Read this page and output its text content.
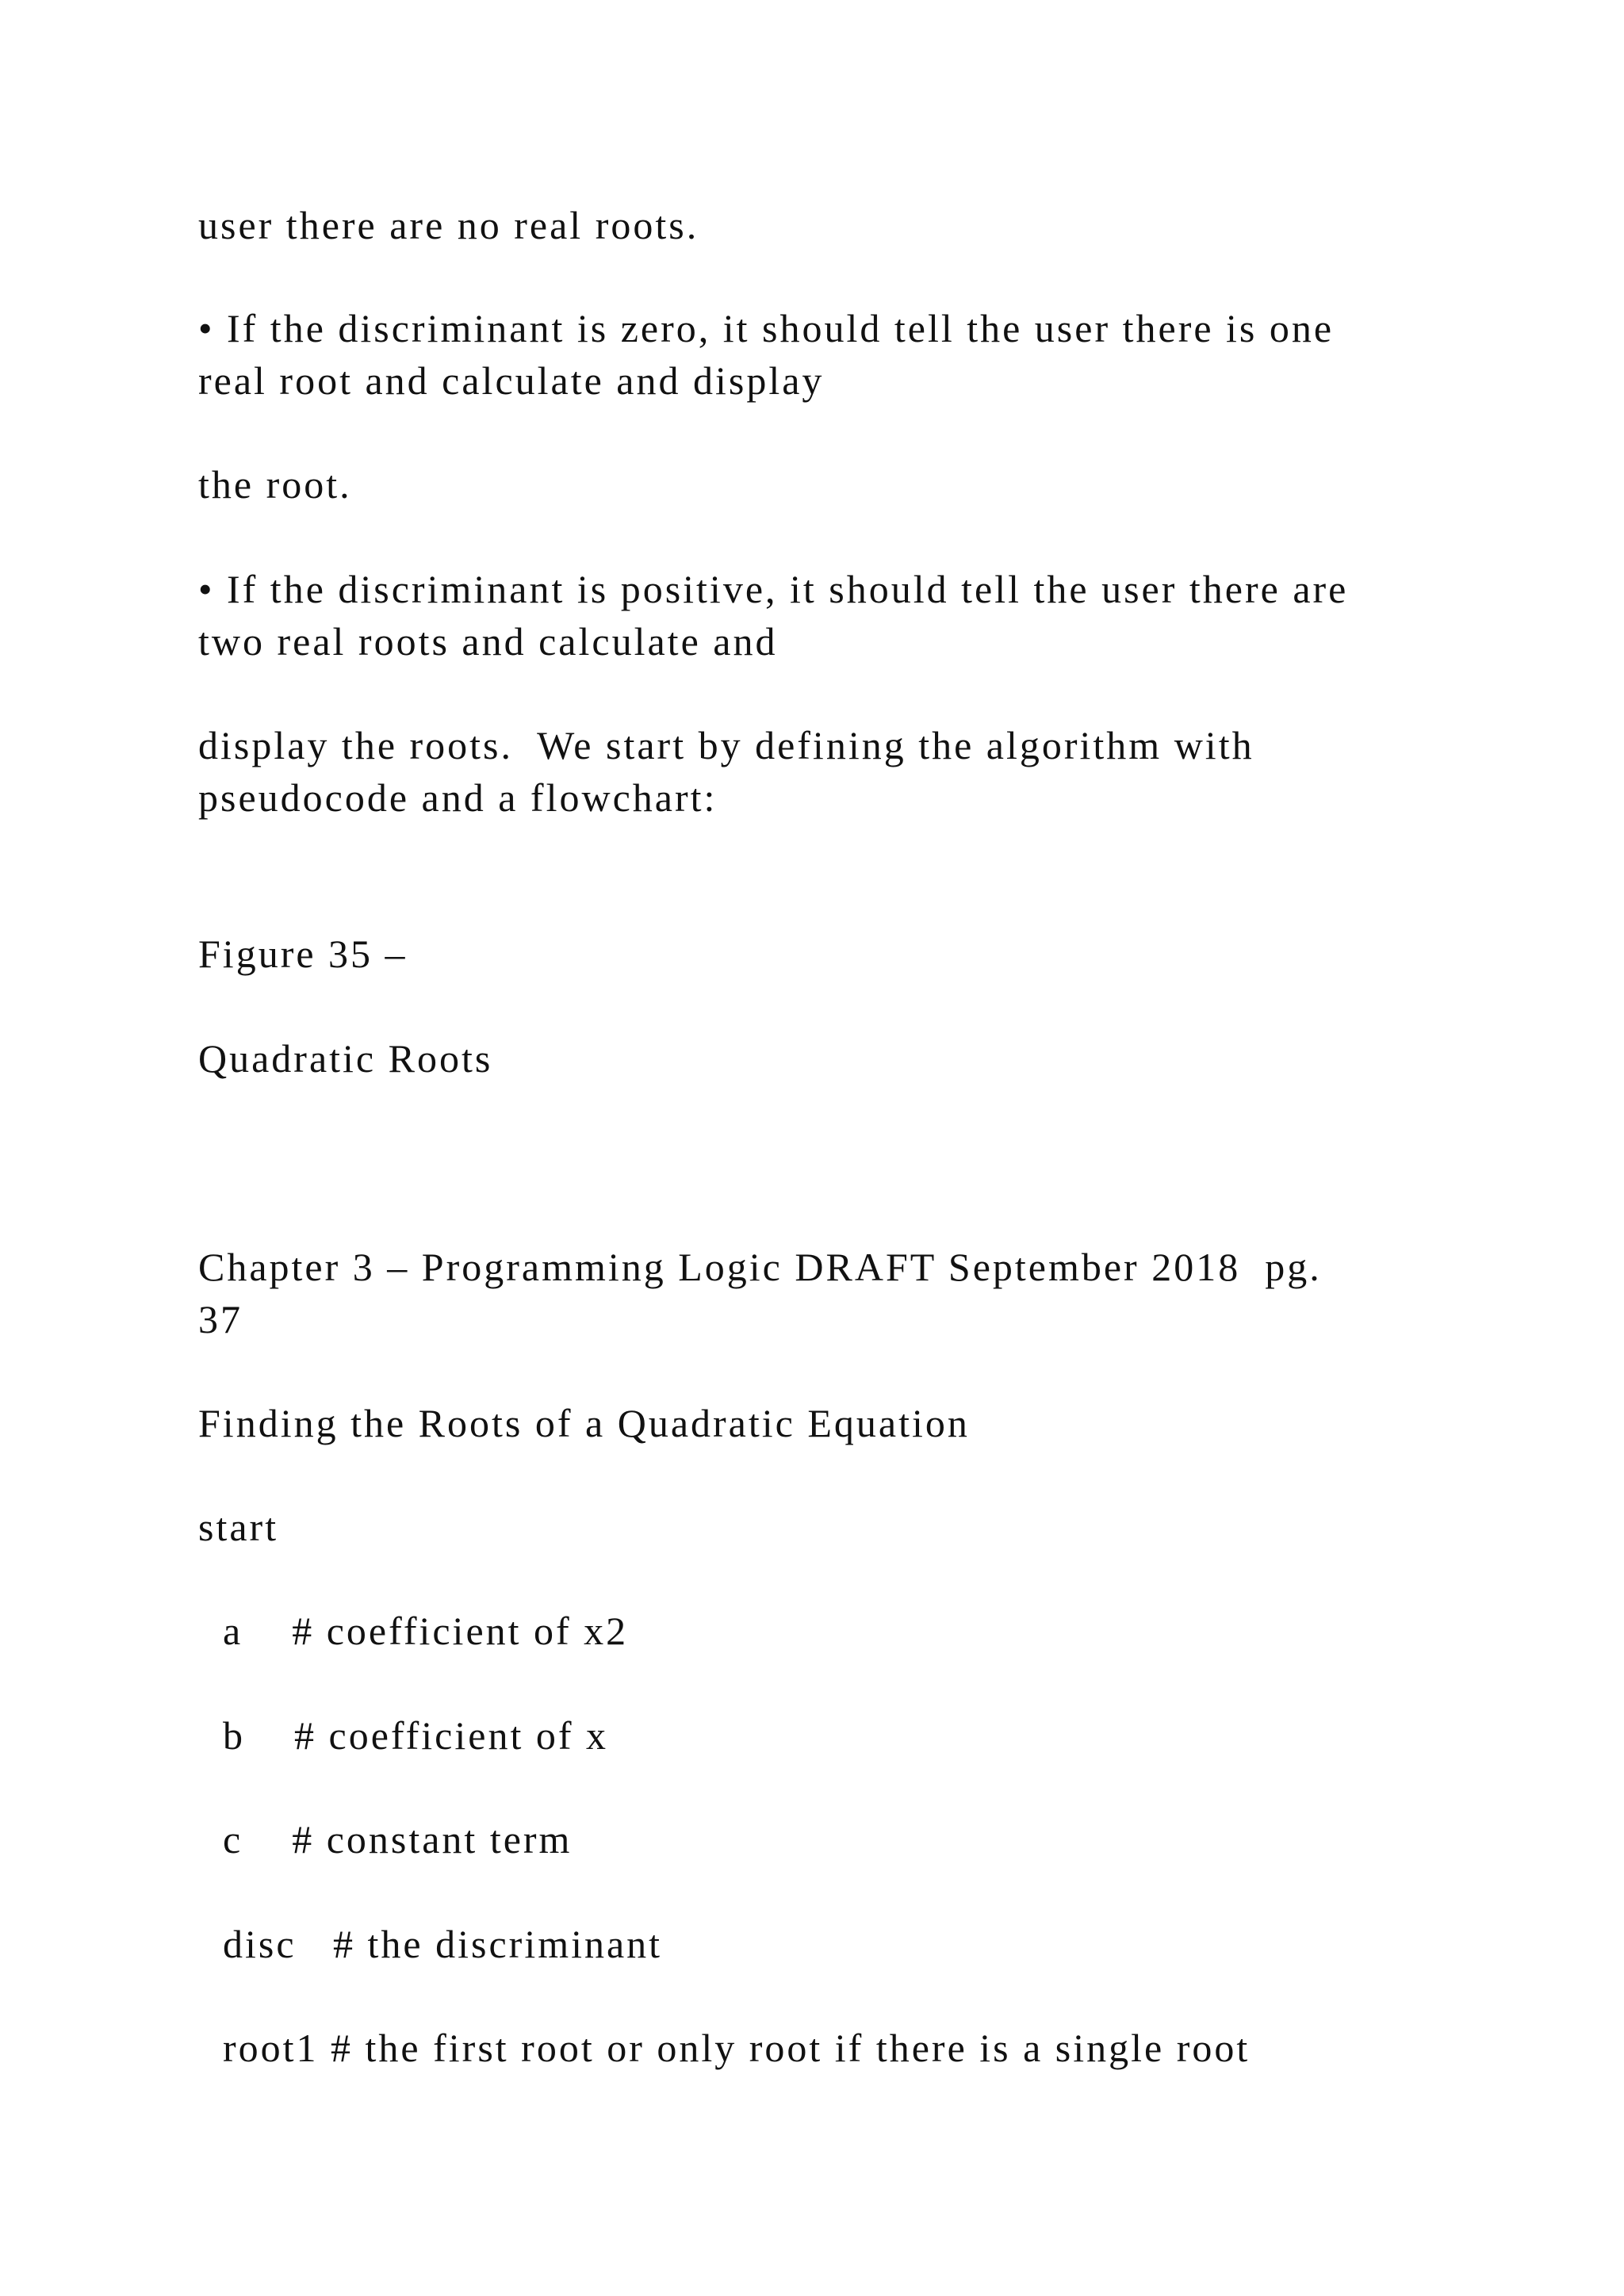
user there are no real roots.

• If the discriminant is zero, it should tell the user there is one

real root and calculate and display

the root.

• If the discriminant is positive, it should tell the user there are

two real roots and calculate and

display the roots.  We start by defining the algorithm with

pseudocode and a flowchart:

Figure 35 –

Quadratic Roots

Chapter 3 – Programming Logic DRAFT September 2018  pg.

37

Finding the Roots of a Quadratic Equation

start

a    # coefficient of x2

b    # coefficient of x

c    # constant term

disc   # the discriminant

root1 # the first root or only root if there is a single root
